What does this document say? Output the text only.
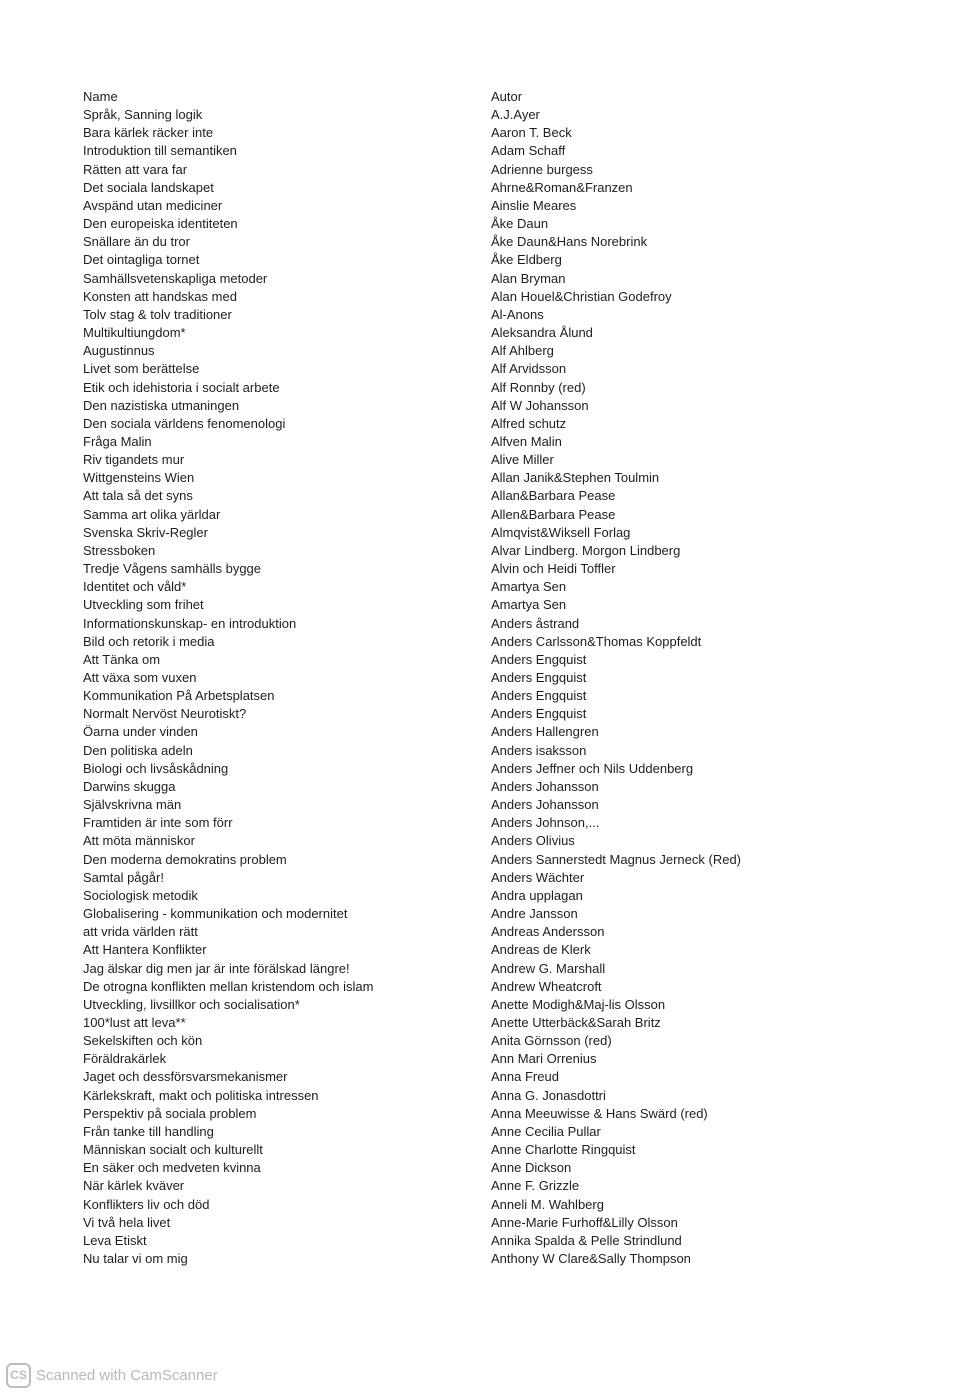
Name	Autor
Språk, Sanning logik	A.J.Ayer
Bara kärlek räcker inte	Aaron T. Beck
Introduktion till semantiken	Adam Schaff
Rätten att vara far	Adrienne burgess
Det sociala landskapet	Ahrne&Roman&Franzen
Avspänd utan mediciner	Ainslie Meares
Den europeiska identiteten	Åke Daun
Snällare än du tror	Åke Daun&Hans Norebrink
Det ointagliga tornet	Åke Eldberg
Samhällsvetenskapliga metoder	Alan Bryman
Konsten att handskas med	Alan Houel&Christian Godefroy
Tolv stag & tolv traditioner	Al-Anons
Multikultiungdom*	Aleksandra Ålund
Augustinnus	Alf Ahlberg
Livet som berättelse	Alf Arvidsson
Etik och idehistoria i socialt arbete	Alf Ronnby (red)
Den nazistiska utmaningen	Alf W Johansson
Den sociala världens fenomenologi	Alfred schutz
Fråga Malin	Alfven Malin
Riv tigandets mur	Alive Miller
Wittgensteins Wien	Allan Janik&Stephen Toulmin
Att tala så det syns	Allan&Barbara Pease
Samma art olika yärldar	Allen&Barbara Pease
Svenska Skriv-Regler	Almqvist&Wiksell Forlag
Stressboken	Alvar Lindberg. Morgon Lindberg
Tredje Vågens samhälls bygge	Alvin och Heidi Toffler
Identitet och våld*	Amartya Sen
Utveckling som frihet	Amartya Sen
Informationskunskap- en introduktion	Anders åstrand
Bild och retorik i media	Anders Carlsson&Thomas Koppfeldt
Att Tänka om	Anders Engquist
Att växa som vuxen	Anders Engquist
Kommunikation På Arbetsplatsen	Anders Engquist
Normalt Nervöst Neurotiskt?	Anders Engquist
Öarna under vinden	Anders Hallengren
Den politiska adeln	Anders isaksson
Biologi och livsåskådning	Anders Jeffner och Nils Uddenberg
Darwins skugga	Anders Johansson
Självskrivna män	Anders Johansson
Framtiden är inte som förr	Anders Johnson,...
Att möta människor	Anders Olivius
Den moderna demokratins problem	Anders Sannerstedt Magnus Jerneck (Red)
Samtal pågår!	Anders Wächter
Sociologisk metodik	Andra upplagan
Globalisering - kommunikation och modernitet	Andre Jansson
att vrida världen rätt	Andreas Andersson
Att Hantera Konflikter	Andreas de Klerk
Jag älskar dig men jar är inte förälskad längre!	Andrew G. Marshall
De otrogna konflikten mellan kristendom och islam	Andrew Wheatcroft
Utveckling, livsillkor och socialisation*	Anette Modigh&Maj-lis Olsson
100*lust att leva**	Anette Utterbäck&Sarah Britz
Sekelskiften och kön	Anita Görnsson (red)
Föräldrakärlek	Ann Mari Orrenius
Jaget och dessförsvarsmekanismer	Anna Freud
Kärlekskraft, makt och politiska intressen	Anna G. Jonasdottri
Perspektiv på sociala problem	Anna Meeuwisse & Hans Swärd (red)
Från tanke till handling	Anne Cecilia Pullar
Människan socialt och kulturellt	Anne Charlotte Ringquist
En säker och medveten kvinna	Anne Dickson
När kärlek kväver	Anne F. Grizzle
Konflikters liv och död	Anneli M. Wahlberg
Vi två hela livet	Anne-Marie Furhoff&Lilly Olsson
Leva Etiskt	Annika Spalda & Pelle Strindlund
Nu talar vi om mig	Anthony W Clare&Sally Thompson
CS Scanned with CamScanner
